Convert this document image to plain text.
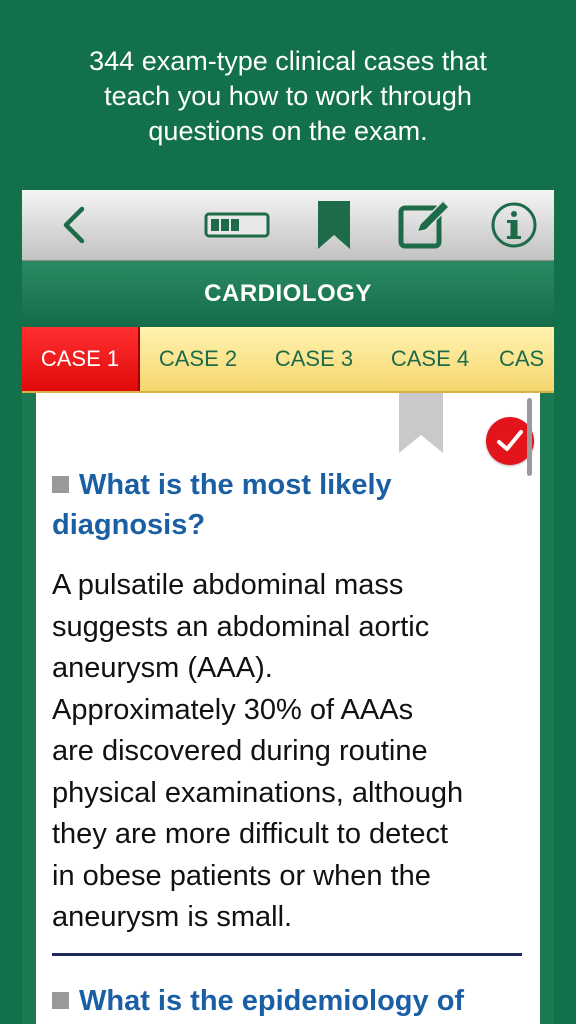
344 exam-type clinical cases that
teach you how to work through
questions on the exam.
CARDIOLOGY
CASE 1 CASE 2 CASE 3 CASE 4 CAS
What is the most likely
diagnosis?
A pulsatile abdominal mass
suggests an abdominal aortic
aneurysm (AAA).
Approximately 30% of AAAs
are discovered during routine
physical examinations, although
they are more difficult to detect
in obese patients or when the
aneurysm is small.
What is the epidemiology of
